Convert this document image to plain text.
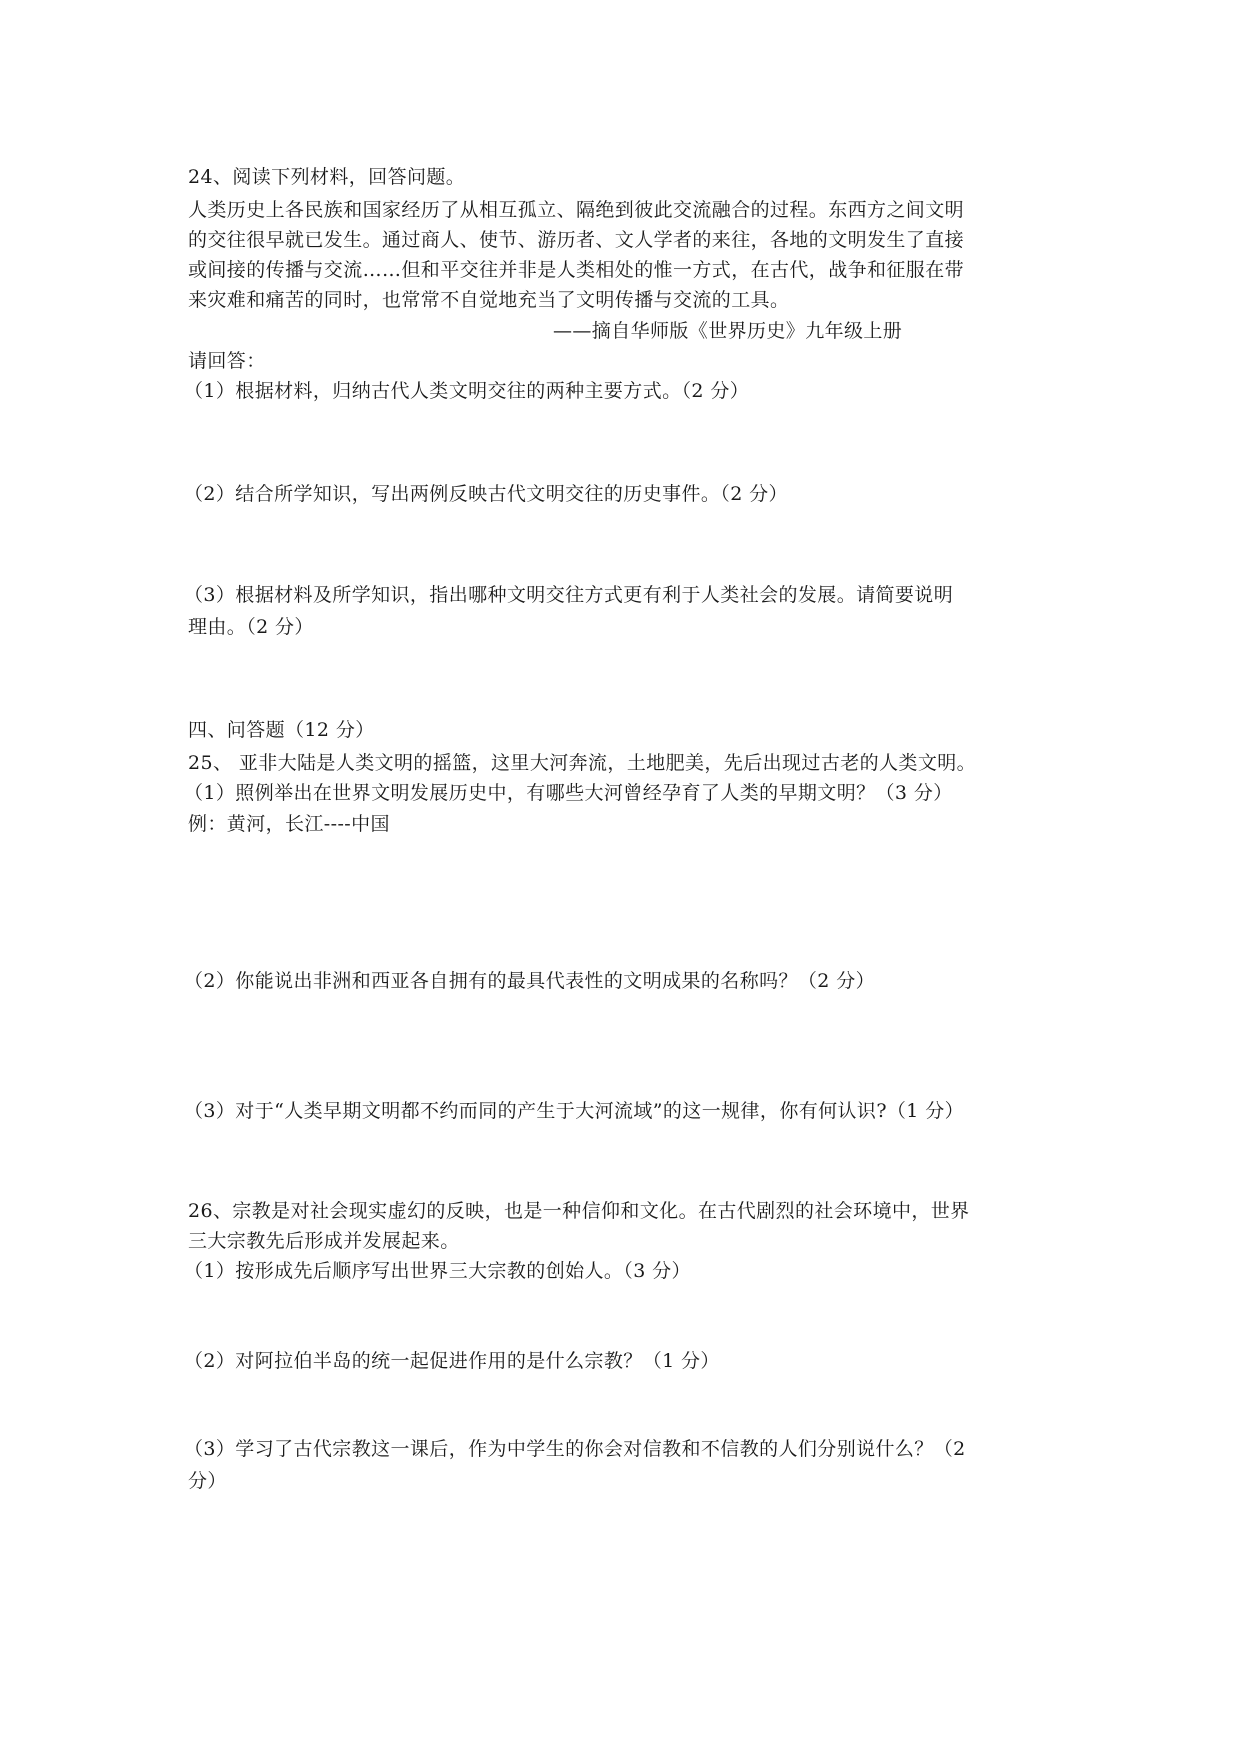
24、阅读下列材料，回答问题。
人类历史上各民族和国家经历了从相互孤立、隔绝到彼此交流融合的过程。东西方之间文明
的交往很早就已发生。通过商人、使节、游历者、文人学者的来往，各地的文明发生了直接
或间接的传播与交流……但和平交往并非是人类相处的惟一方式，在古代，战争和征服在带
来灾难和痛苦的同时，也常常不自觉地充当了文明传播与交流的工具。
——摘自华师版《世界历史》九年级上册
请回答：
（1）根据材料，归纳古代人类文明交往的两种主要方式。（2 分）
（2）结合所学知识，写出两例反映古代文明交往的历史事件。（2 分）
（3）根据材料及所学知识，指出哪种文明交往方式更有利于人类社会的发展。请简要说明
理由。（2 分）
四、问答题（12 分）
25、 亚非大陆是人类文明的摇篮，这里大河奔流，土地肥美，先后出现过古老的人类文明。
（1）照例举出在世界文明发展历史中，有哪些大河曾经孕育了人类的早期文明？（3 分）
例：黄河，长江----中国
（2）你能说出非洲和西亚各自拥有的最具代表性的文明成果的名称吗？（2 分）
（3）对于“人类早期文明都不约而同的产生于大河流域”的这一规律，你有何认识?（1 分）
26、宗教是对社会现实虚幻的反映，也是一种信仰和文化。在古代剧烈的社会环境中，世界
三大宗教先后形成并发展起来。
（1）按形成先后顺序写出世界三大宗教的创始人。（3 分）
（2）对阿拉伯半岛的统一起促进作用的是什么宗教？（1 分）
（3）学习了古代宗教这一课后，作为中学生的你会对信教和不信教的人们分别说什么？（2
分）
